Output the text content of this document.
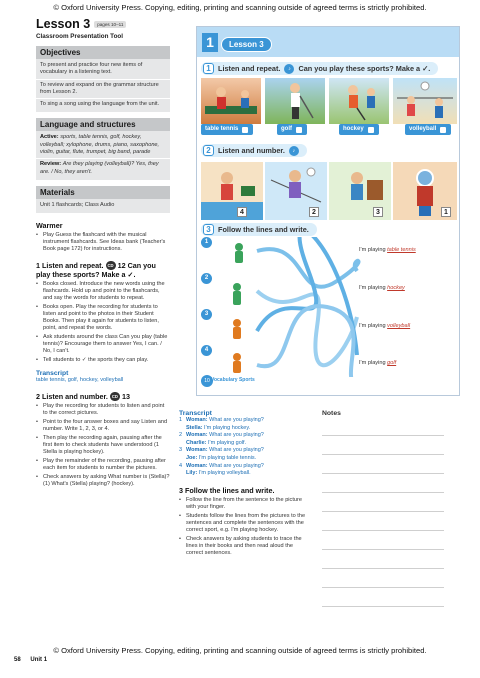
© Oxford University Press. Copying, editing, printing and scanning outside of agreed terms is strictly prohibited.
© Oxford University Press. Copying, editing, printing and scanning outside of agreed terms is strictly prohibited.
Lesson 3	pages 10–11
Classroom Presentation Tool
Objectives

To present and practice four new items of vocabulary in a listening text.

To review and expand on the grammar structure from Lesson 2.

To sing a song using the language from the unit.

Language and structures

Active: sports, table tennis, golf, hockey, volleyball; xylophone, drums, piano, saxophone, violin, guitar, flute, trumpet, big band, parade

Review: Are they playing (volleyball)? Yes, they are. / No, they aren't.

Materials

Unit 1 flashcards; Class Audio

Warmer
• Play Guess the flashcard with the musical instrument flashcards. See Ideas bank (Teacher's Book page 172) for instructions.
1 Listen and repeat. CD 12 Can you play these sports? Make a ✓.
• Books closed. Introduce the new words using the flashcards. Hold up and point to the flashcards, and say the words for students to repeat.
• Books open. Play the recording for students to listen and point to the photos in their Student Books. Then play it again for students to listen, point, and repeat the words.
• Ask students around the class Can you play (table tennis)? Encourage them to answer Yes, I can. / No, I can't.
• Tell students to ✓ the sports they can play.
Transcript
table tennis, golf, hockey, volleyball
2 Listen and number. CD 13
• Play the recording for students to listen and point to the correct pictures.
• Point to the four answer boxes and say Listen and number. Write 1, 2, 3, or 4.
• Then play the recording again, pausing after the first item to check students have understood (1 Stella is playing hockey).
• Play the remainder of the recording, pausing after each item for students to number the pictures.
• Check answers by asking What number is (Stella)? (1) What's (Stella) playing? (hockey).
1	Lesson 3
1 Listen and repeat.	♪	Can you play these sports? Make a ✓.
table tennis	golf	hockey	volleyball
2 Listen and number.	♪
4	2	3	1
3 Follow the lines and write.
1
2
3
4
I'm playing table tennis
I'm playing hockey
I'm playing volleyball
I'm playing golf
10 Vocabulary Sports
Transcript
1 Woman: What are you playing?
Stella: I'm playing hockey.
2 Woman: What are you playing?
Charlie: I'm playing golf.
3 Woman: What are you playing?
Joe: I'm playing table tennis.
4 Woman: What are you playing?
Lily: I'm playing volleyball.
3 Follow the lines and write.
• Follow the line from the sentence to the picture with your finger.
• Students follow the lines from the pictures to the sentences and complete the sentences with the correct sport, e.g. I'm playing hockey.
• Check answers by asking students to trace the lines in their books and then read aloud the correct sentences.
Notes
58 Unit 1
